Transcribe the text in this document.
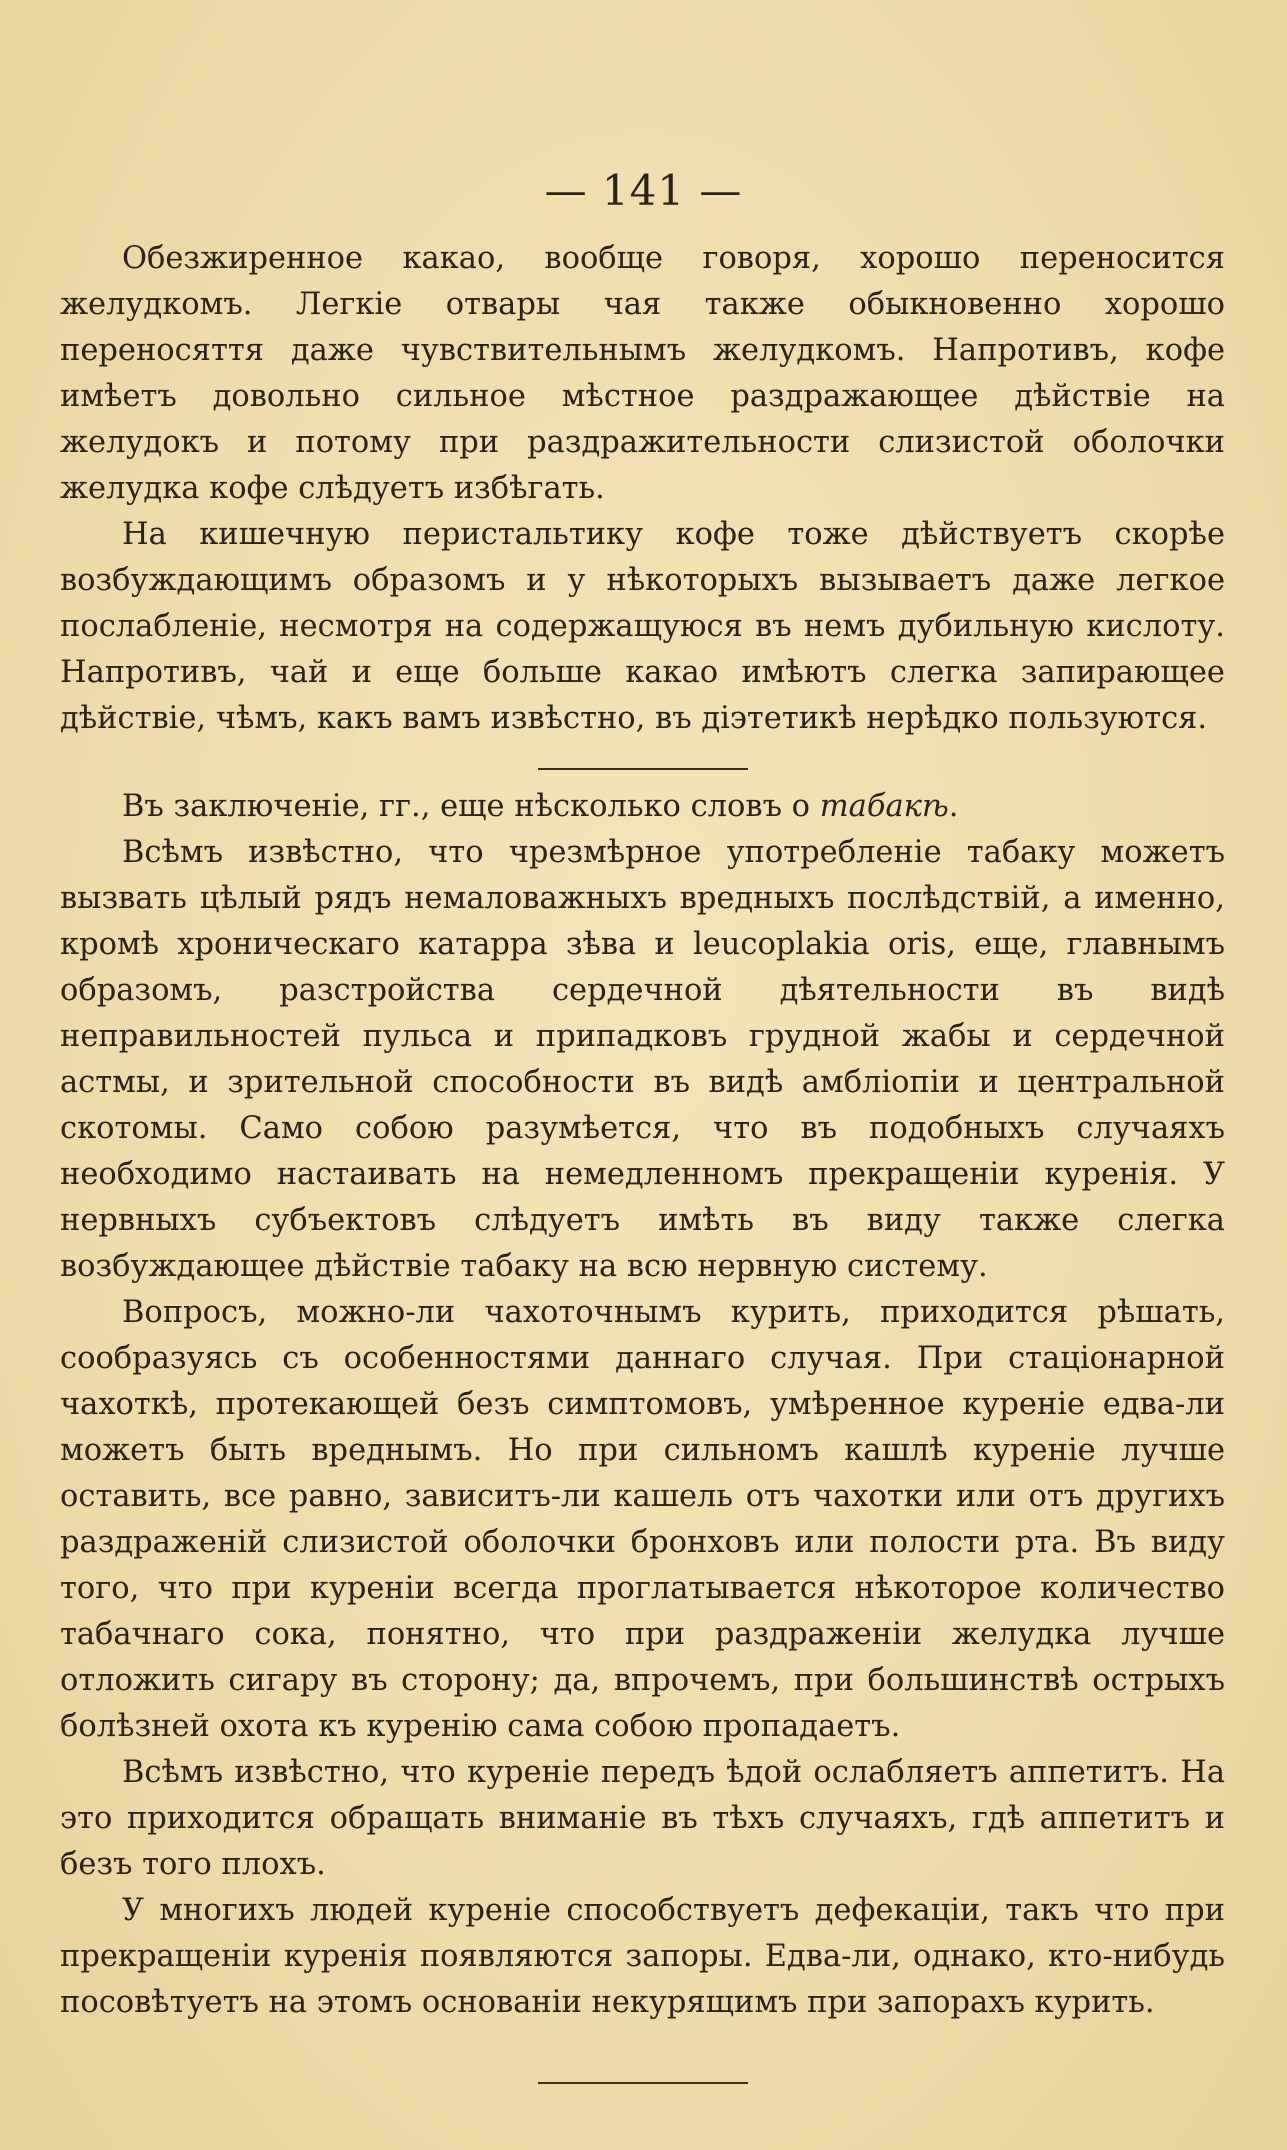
— 141 —

Обезжиренное какао, вообще говоря, хорошо переносится желудкомъ. Легкіе отвары чая также обыкновенно хорошо переносяття даже чувствительнымъ желудкомъ. Напротивъ, кофе имѣетъ довольно сильное мѣстное раздражающее дѣйствіе на желудокъ и потому при раздражительности слизистой оболочки желудка кофе слѣдуетъ избѣгать.

На кишечную перистальтику кофе тоже дѣйствуетъ скорѣе возбуждающимъ образомъ и у нѣкоторыхъ вызываетъ даже легкое послабленіе, несмотря на содержащуюся въ немъ дубильную кислоту. Напротивъ, чай и еще больше какао имѣютъ слегка запирающее дѣйствіе, чѣмъ, какъ вамъ извѣстно, въ діэтетикѣ нерѣдко пользуются.

Въ заключеніе, гг., еще нѣсколько словъ о табакѣ.

Всѣмъ извѣстно, что чрезмѣрное употребленіе табаку можетъ вызвать цѣлый рядъ немаловажныхъ вредныхъ послѣдствій, а именно, кромѣ хроническаго катарра зѣва и leucoplakia oris, еще, главнымъ образомъ, разстройства сердечной дѣятельности въ видѣ неправильностей пульса и припадковъ грудной жабы и сердечной астмы, и зрительной способности въ видѣ амбліопіи и центральной скотомы. Само собою разумѣется, что въ подобныхъ случаяхъ необходимо настаивать на немедленномъ прекращеніи куренія. У нервныхъ субъектовъ слѣдуетъ имѣть въ виду также слегка возбуждающее дѣйствіе табаку на всю нервную систему.

Вопросъ, можно-ли чахоточнымъ курить, приходится рѣшать, сообразуясь съ особенностями даннаго случая. При стаціонарной чахоткѣ, протекающей безъ симптомовъ, умѣренное куреніе едва-ли можетъ быть вреднымъ. Но при сильномъ кашлѣ куреніе лучше оставить, все равно, зависитъ-ли кашель отъ чахотки или отъ другихъ раздраженій слизистой оболочки бронховъ или полости рта. Въ виду того, что при куреніи всегда проглатывается нѣкоторое количество табачнаго сока, понятно, что при раздраженіи желудка лучше отложить сигару въ сторону; да, впрочемъ, при большинствѣ острыхъ болѣзней охота къ куренію сама собою пропадаетъ.

Всѣмъ извѣстно, что куреніе передъ ѣдой ослабляетъ аппетитъ. На это приходится обращать вниманіе въ тѣхъ случаяхъ, гдѣ аппетитъ и безъ того плохъ.

У многихъ людей куреніе способствуетъ дефекаціи, такъ что при прекращеніи куренія появляются запоры. Едва-ли, однако, кто-нибудь посовѣтуетъ на этомъ основаніи некурящимъ при запорахъ курить.
